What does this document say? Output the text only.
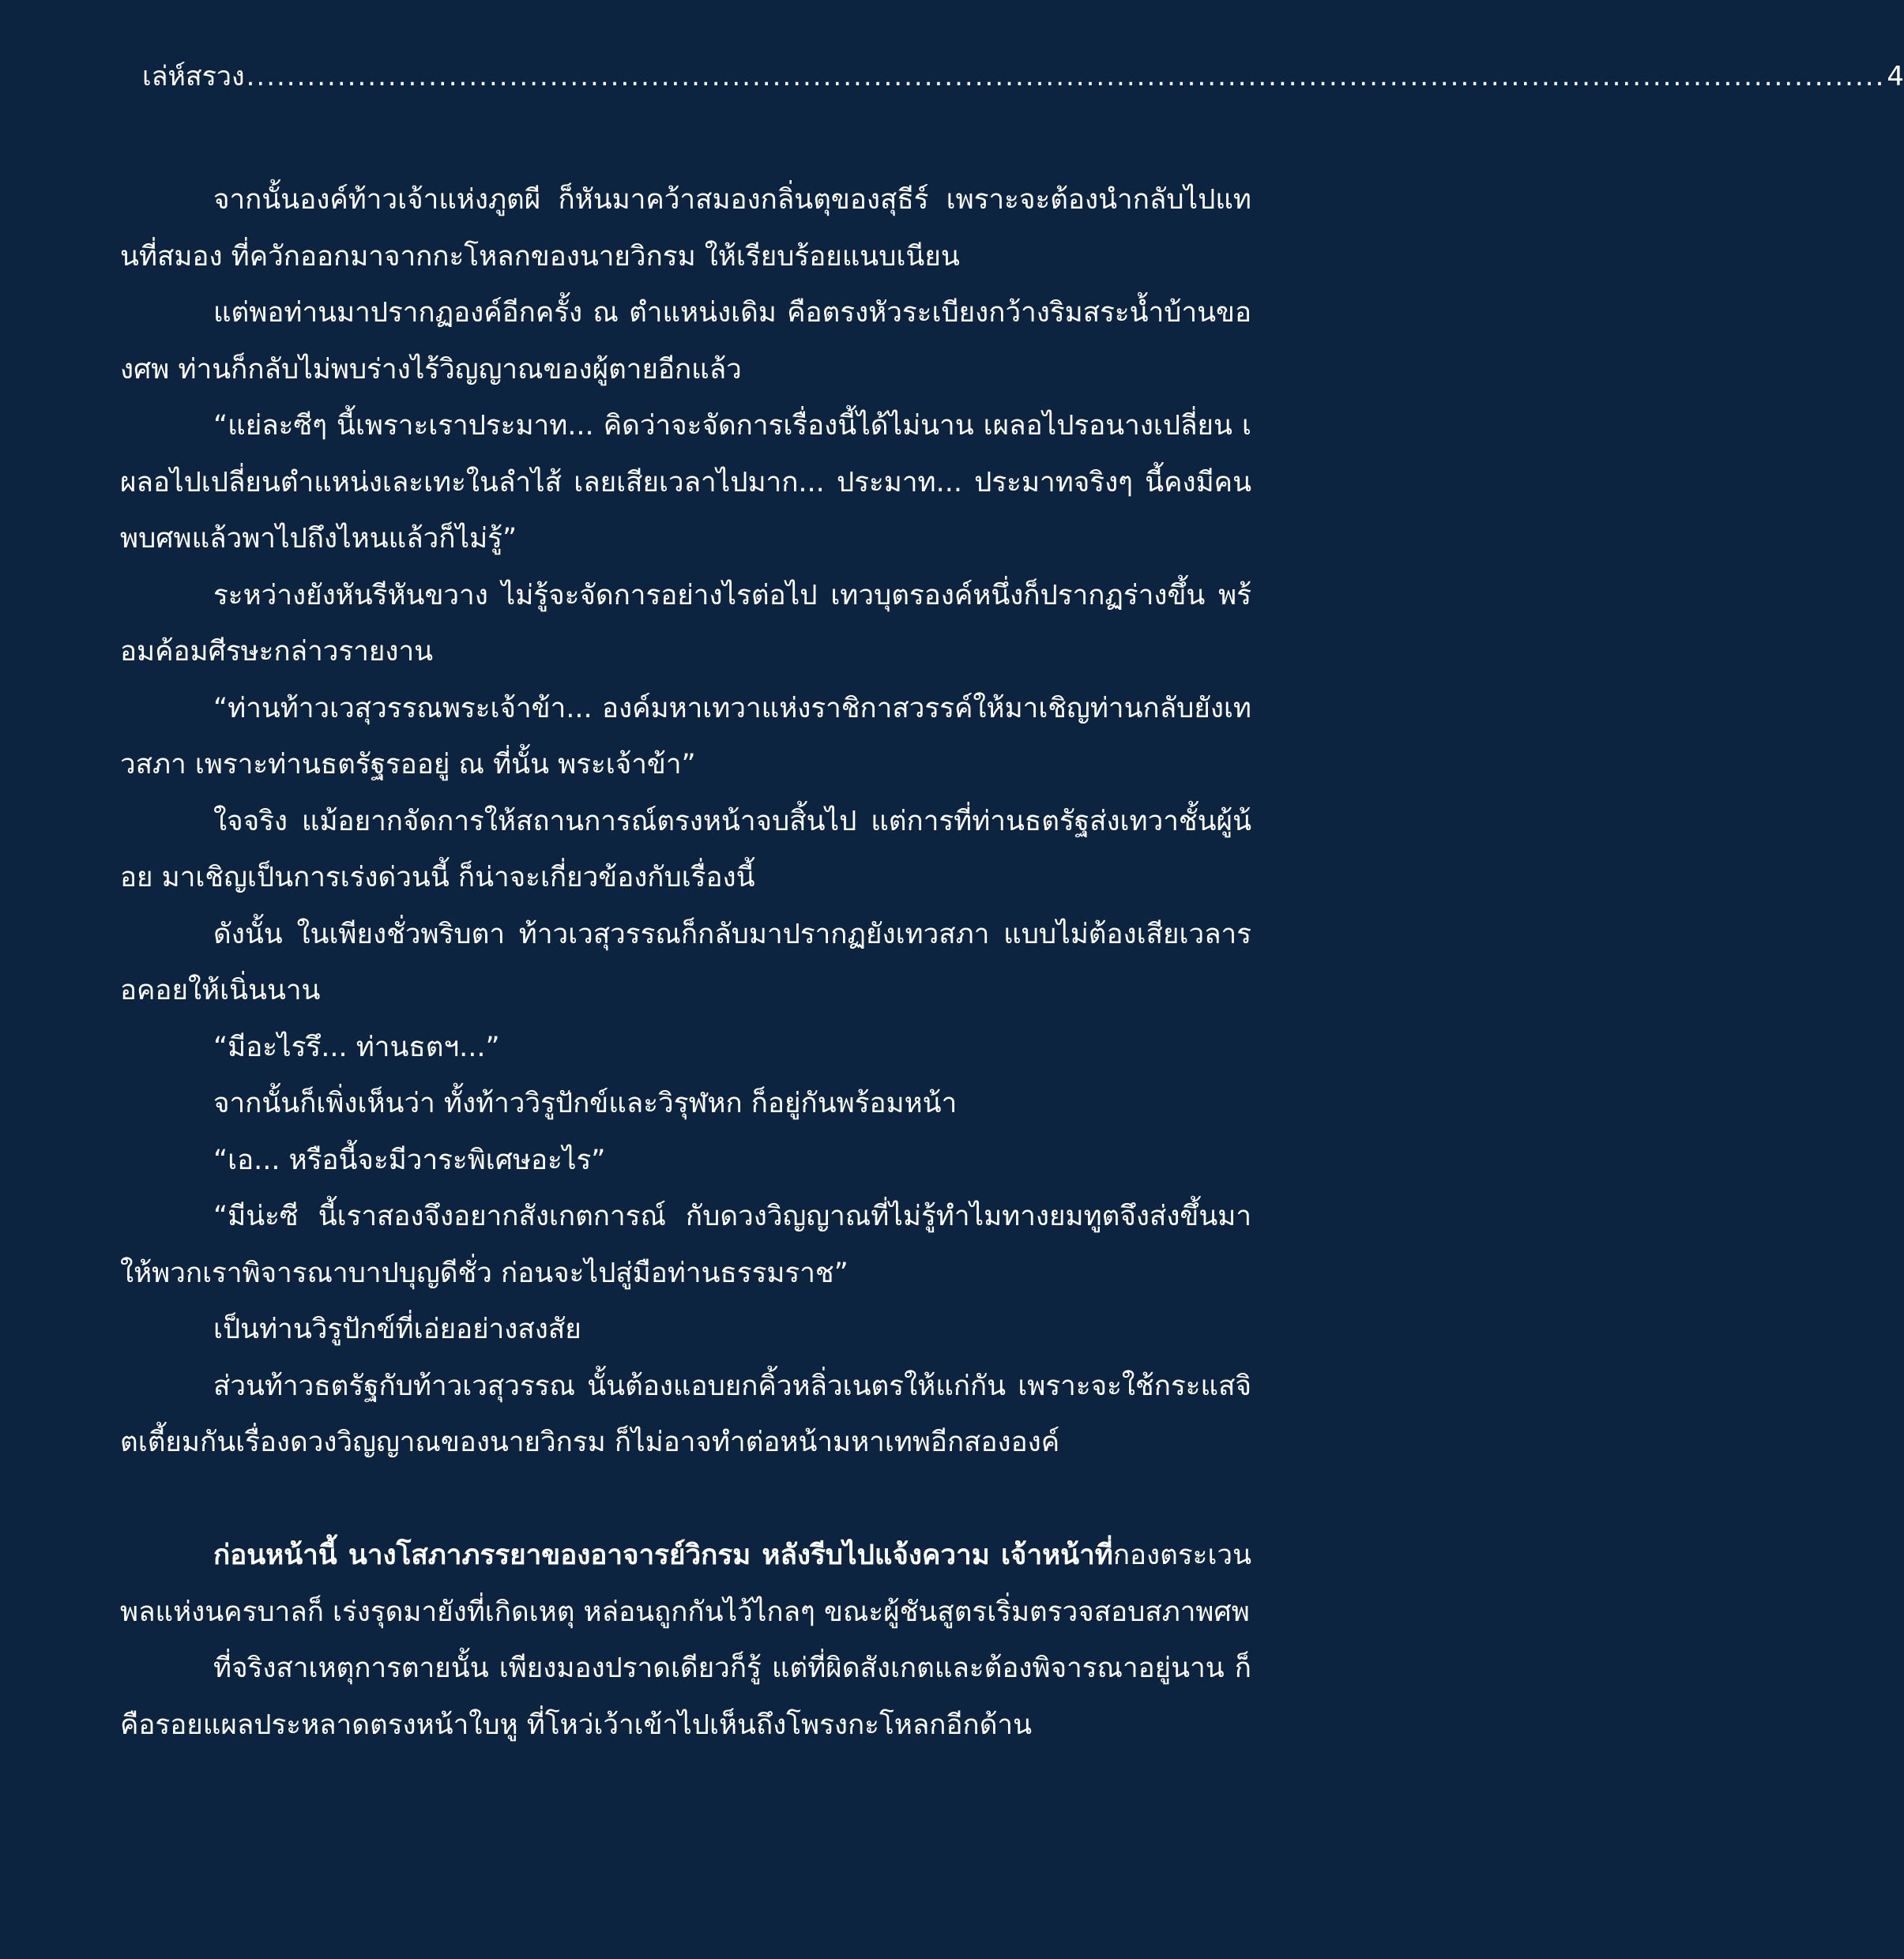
เล่ห์สรวง .................................................................................................................................................................. 4

จากนั้นองค์ท้าวเจ้าแห่งภูตผี ก็หันมาคว้าสมองกลิ่นตุของสุธีร์ เพราะจะต้องนำกลับไปแทนที่สมอง ที่ควักออกมาจากกะโหลกของนายวิกรม ให้เรียบร้อยแนบเนียน

แต่พอท่านมาปรากฏองค์อีกครั้ง ณ ตำแหน่งเดิม คือตรงหัวระเบียงกว้างริมสระน้ำบ้านของศพ ท่านก็กลับไม่พบร่างไร้วิญญาณของผู้ตายอีกแล้ว

“แย่ละซีๆ นี้เพราะเราประมาท... คิดว่าจะจัดการเรื่องนี้ได้ไม่นาน เผลอไปรอนางเปลี่ยน เผลอไปเปลี่ยนตำแหน่งเละเทะในลำไส้ เลยเสียเวลาไปมาก... ประมาท... ประมาทจริงๆ นี้คงมีคนพบศพแล้วพาไปถึงไหนแล้วก็ไม่รู้”

ระหว่างยังหันรีหันขวาง ไม่รู้จะจัดการอย่างไรต่อไป เทวบุตรองค์หนึ่งก็ปรากฏร่างขึ้น พร้อมค้อมศีรษะกล่าวรายงาน

“ท่านท้าวเวสุวรรณพระเจ้าข้า... องค์มหาเทวาแห่งราชิกาสวรรค์ให้มาเชิญท่านกลับยังเทวสภา เพราะท่านธตรัฐรออยู่ ณ ที่นั้น พระเจ้าข้า”

ใจจริง แม้อยากจัดการให้สถานการณ์ตรงหน้าจบสิ้นไป แต่การที่ท่านธตรัฐส่งเทวาชั้นผู้น้อย มาเชิญเป็นการเร่งด่วนนี้ ก็น่าจะเกี่ยวข้องกับเรื่องนี้

ดังนั้น ในเพียงชั่วพริบตา ท้าวเวสุวรรณก็กลับมาปรากฏยังเทวสภา แบบไม่ต้องเสียเวลารอคอยให้เนิ่นนาน

“มีอะไรรึ... ท่านธตฯ...”

จากนั้นก็เพิ่งเห็นว่า ทั้งท้าววิรูปักข์และวิรุฬหก ก็อยู่กันพร้อมหน้า

“เอ... หรือนี้จะมีวาระพิเศษอะไร”

“มีน่ะซี นี้เราสองจึงอยากสังเกตการณ์ กับดวงวิญญาณที่ไม่รู้ทำไมทางยมทูตจึงส่งขึ้นมา ให้พวกเราพิจารณาบาปบุญดีชั่ว ก่อนจะไปสู่มือท่านธรรมราช”

เป็นท่านวิรูปักข์ที่เอ่ยอย่างสงสัย

ส่วนท้าวธตรัฐกับท้าวเวสุวรรณ นั้นต้องแอบยกคิ้วหลิ่วเนตรให้แก่กัน เพราะจะใช้กระแสจิตเตี้ยมกันเรื่องดวงวิญญาณของนายวิกรม ก็ไม่อาจทำต่อหน้ามหาเทพอีกสององค์

ก่อนหน้านี้ นางโสภาภรรยาของอาจารย์วิกรม หลังรีบไปแจ้งความ เจ้าหน้าที่กองตระเวนพลแห่งนครบาลก็ เร่งรุดมายังที่เกิดเหตุ หล่อนถูกกันไว้ไกลๆ ขณะผู้ชันสูตรเริ่มตรวจสอบสภาพศพ

ที่จริงสาเหตุการตายนั้น เพียงมองปราดเดียวก็รู้ แต่ที่ผิดสังเกตและต้องพิจารณาอยู่นาน ก็คือรอยแผลประหลาดตรงหน้าใบหู ที่โหว่เว้าเข้าไปเห็นถึงโพรงกะโหลกอีกด้าน
